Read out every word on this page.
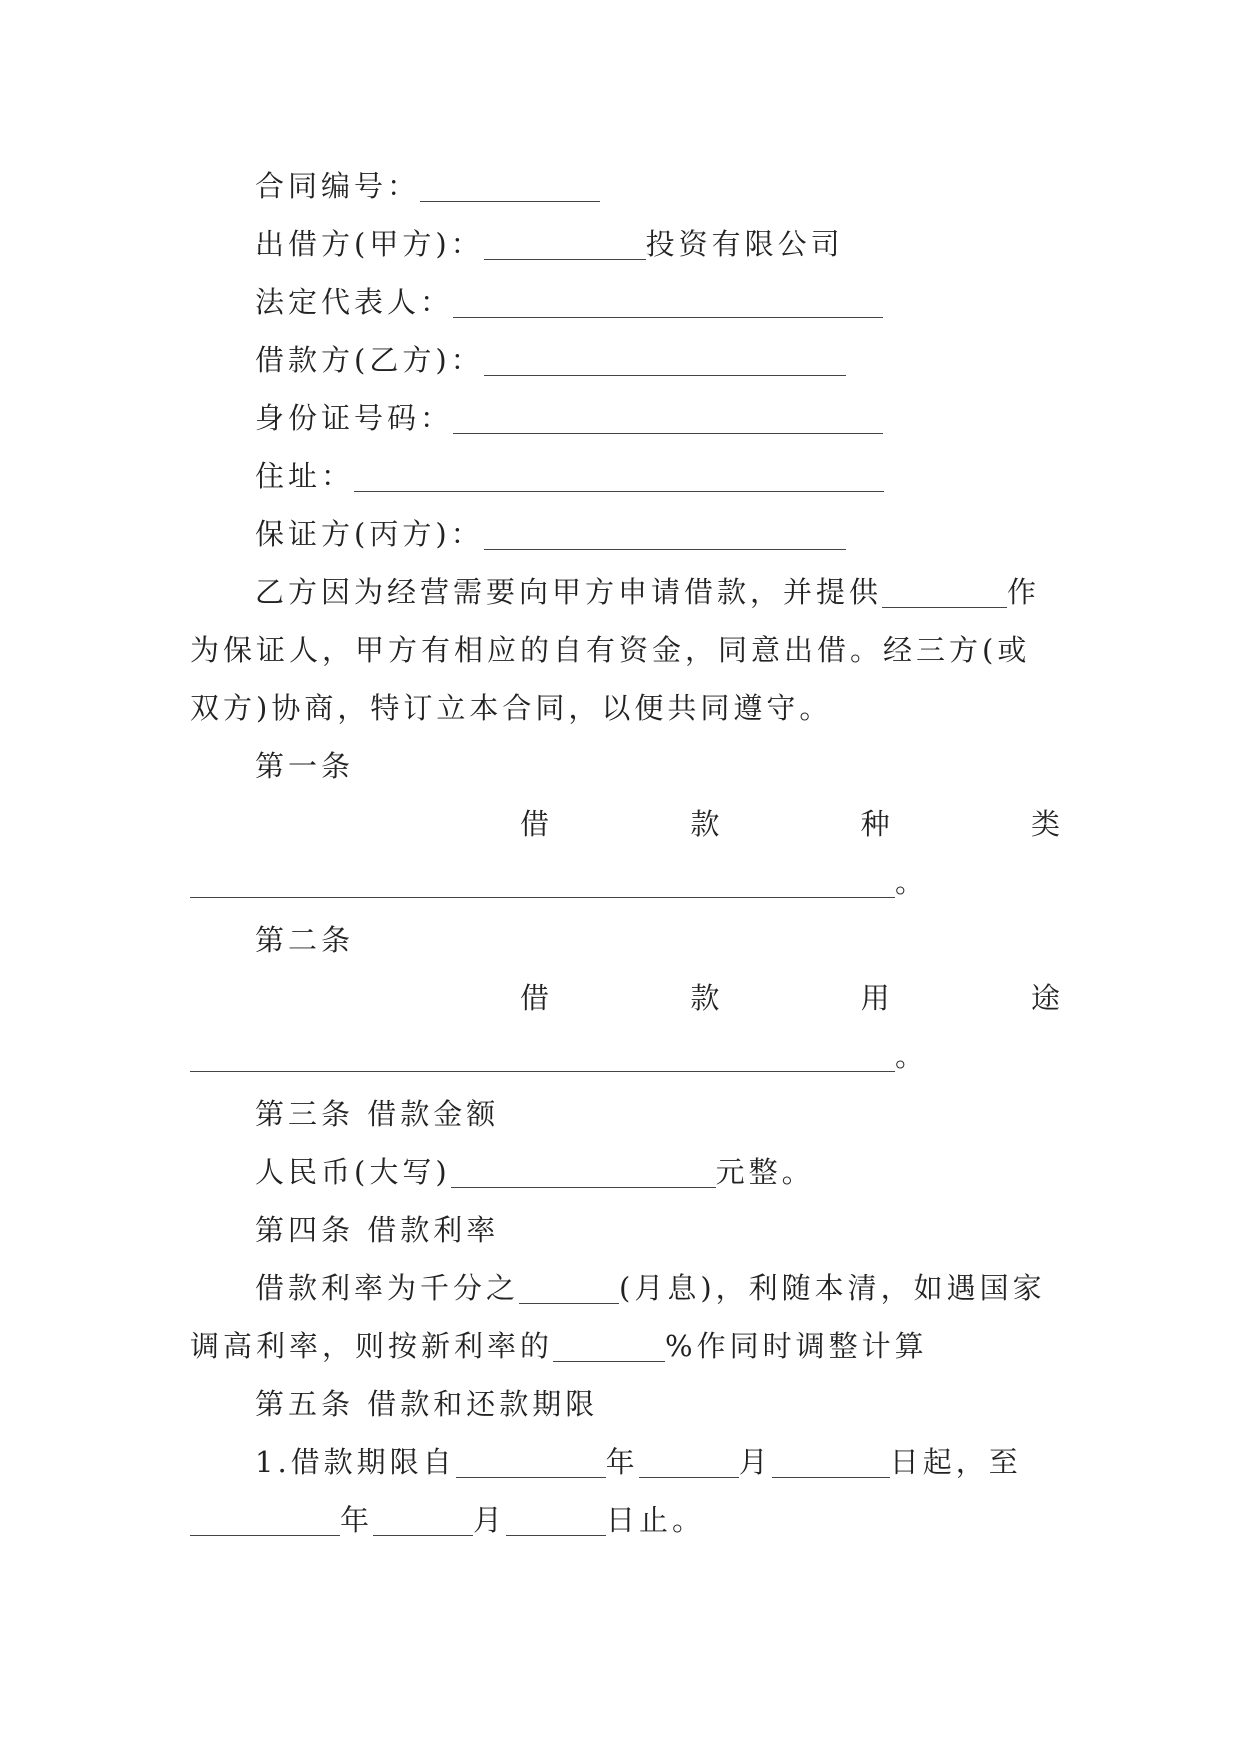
合同编号：
出借方(甲方)：	投资有限公司
法定代表人：
借款方(乙方)：
身份证号码：
住址：
保证方(丙方)：
乙方因为经营需要向甲方申请借款，并提供	作
为保证人，甲方有相应的自有资金，同意出借。经三方(或
双方)协商，特订立本合同，以便共同遵守。
第一条
借	款	种	类
。
第二条
借	款	用	途
。
第三条 借款金额
人民币(大写)	元整。
第四条 借款利率
借款利率为千分之	(月息)，利随本清，如遇国家
调高利率，则按新利率的	%作同时调整计算
第五条 借款和还款期限
1.借款期限自	年	月	日起，至
年	月	日止。
